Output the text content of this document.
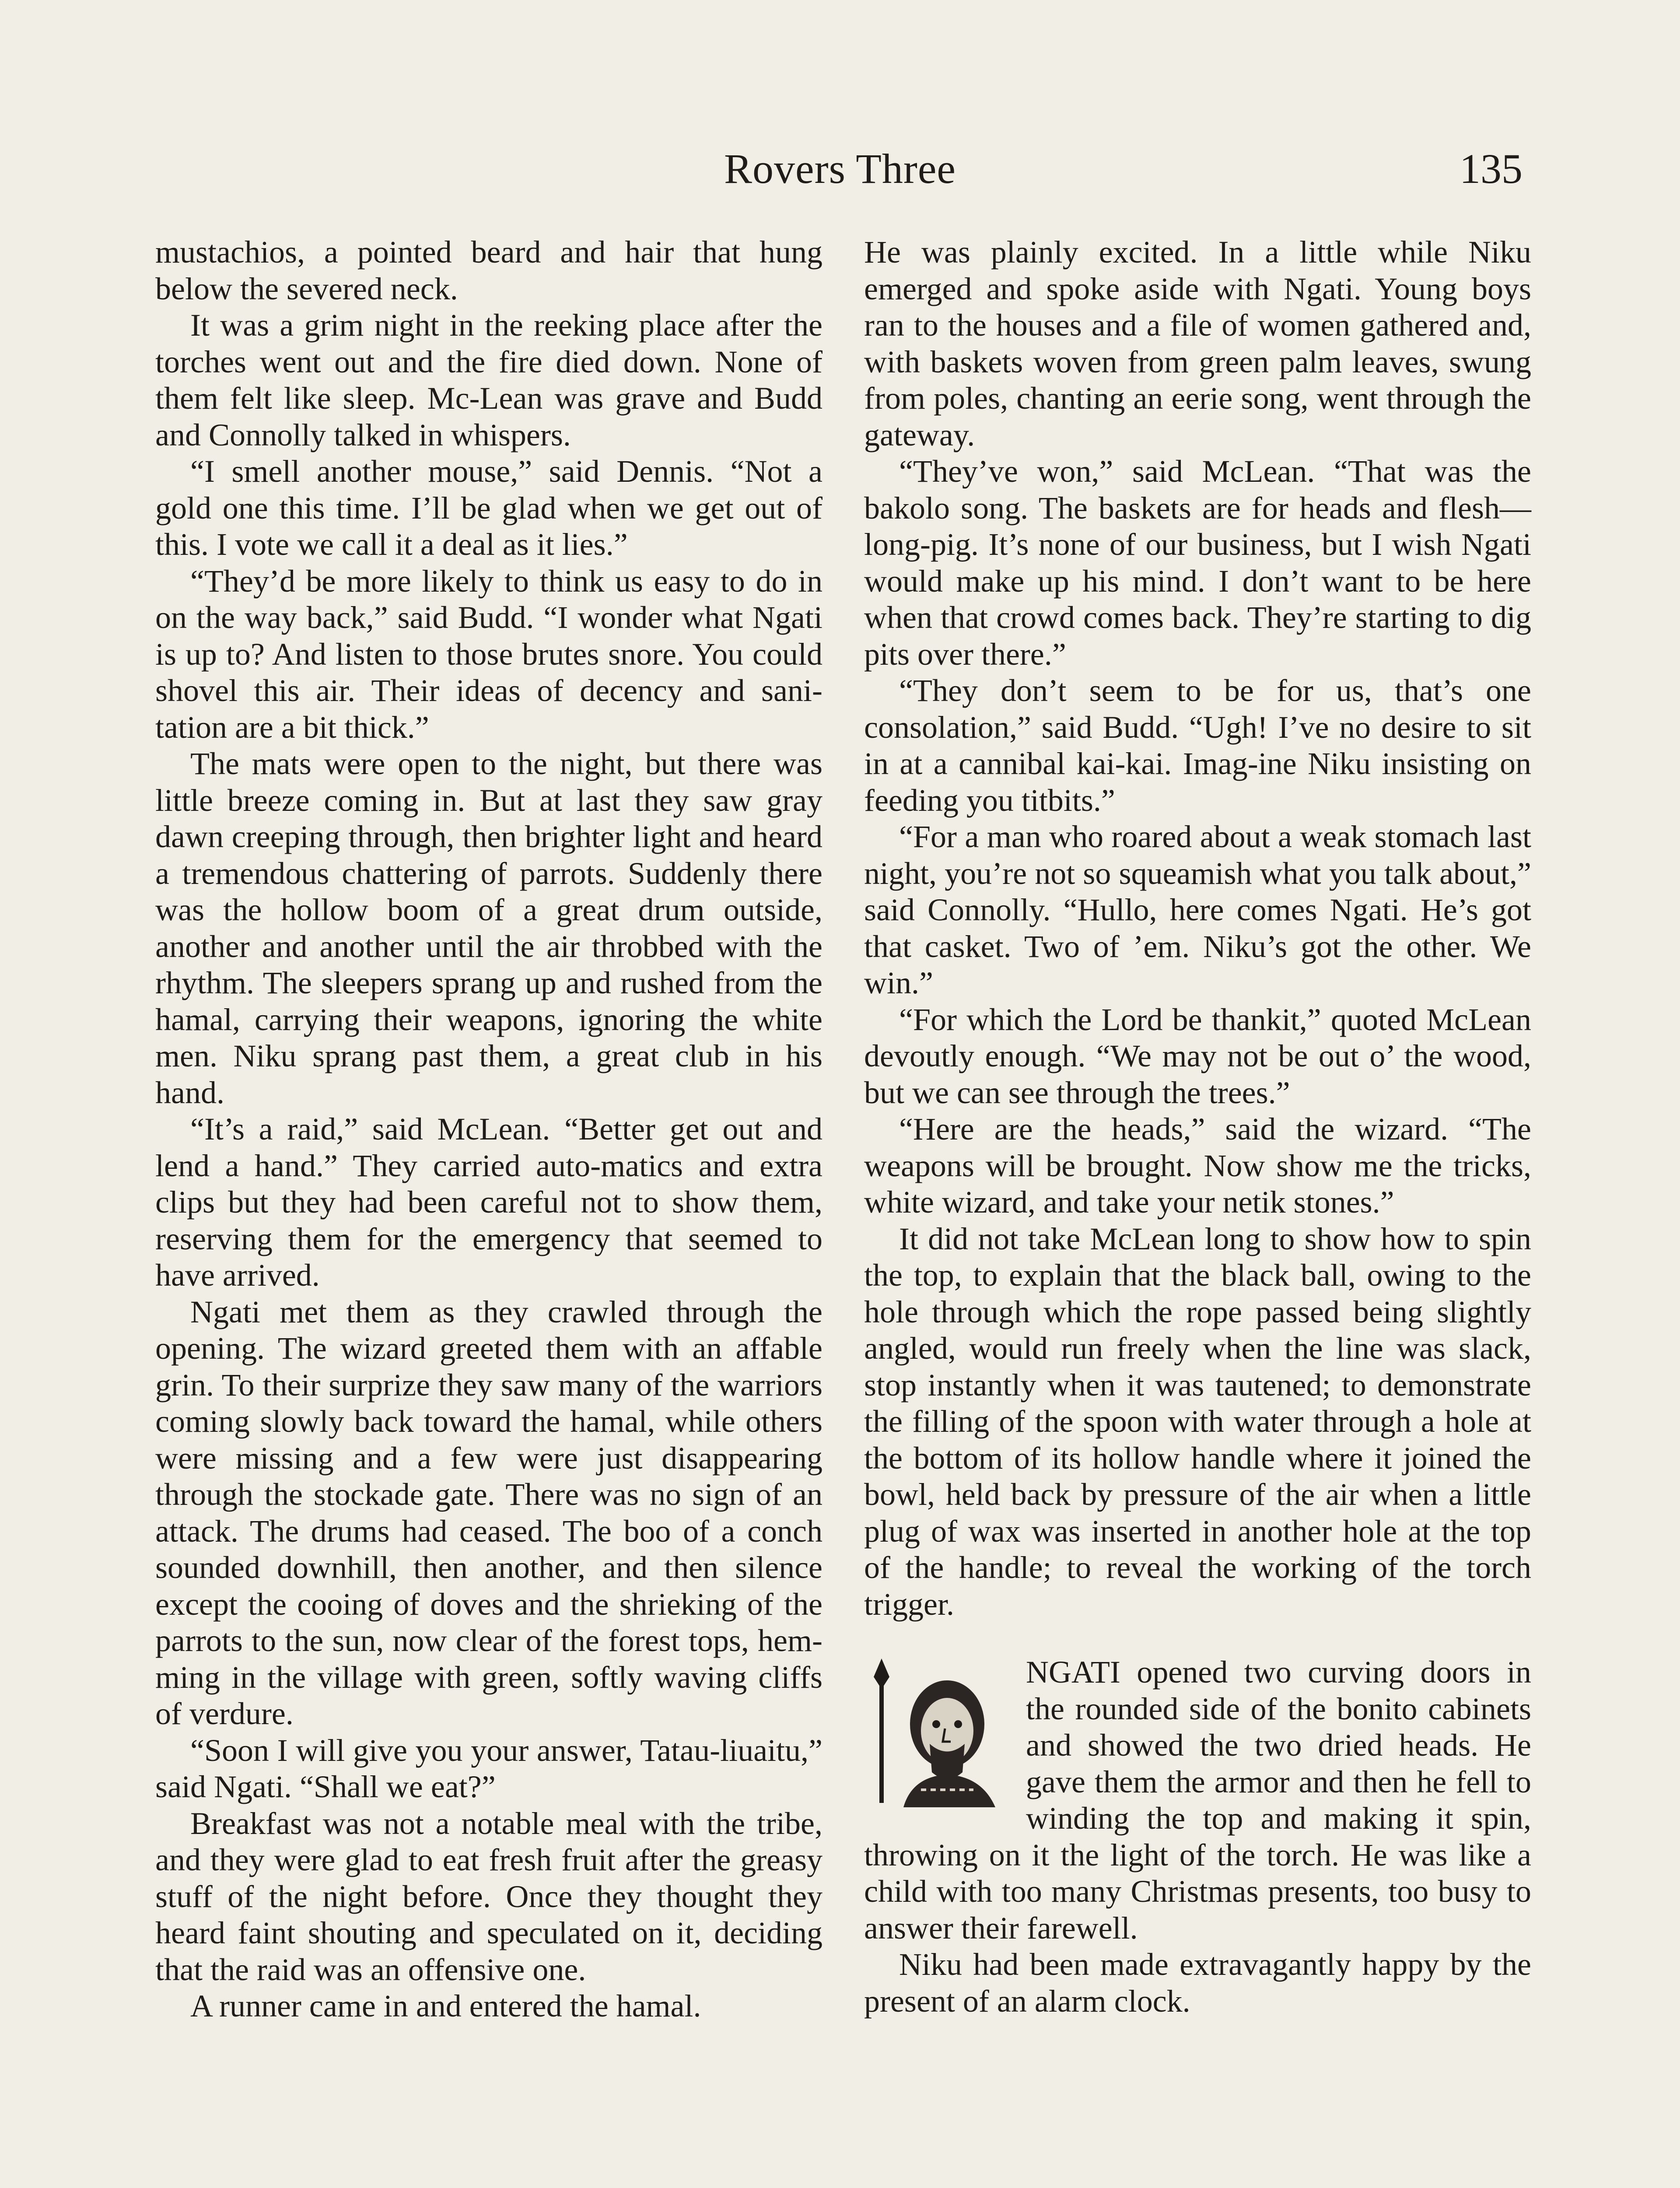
Rovers Three	135

mustachios, a pointed beard and hair that hung below the severed neck.

It was a grim night in the reeking place after the torches went out and the fire died down. None of them felt like sleep. Mc-Lean was grave and Budd and Connolly talked in whispers.

“I smell another mouse,” said Dennis. “Not a gold one this time. I’ll be glad when we get out of this. I vote we call it a deal as it lies.”

“They’d be more likely to think us easy to do in on the way back,” said Budd. “I wonder what Ngati is up to? And listen to those brutes snore. You could shovel this air. Their ideas of decency and sani-tation are a bit thick.”

The mats were open to the night, but there was little breeze coming in. But at last they saw gray dawn creeping through, then brighter light and heard a tremendous chattering of parrots. Suddenly there was the hollow boom of a great drum outside, another and another until the air throbbed with the rhythm. The sleepers sprang up and rushed from the hamal, carrying their weapons, ignoring the white men. Niku sprang past them, a great club in his hand.

“It’s a raid,” said McLean. “Better get out and lend a hand.” They carried auto-matics and extra clips but they had been careful not to show them, reserving them for the emergency that seemed to have arrived.

Ngati met them as they crawled through the opening. The wizard greeted them with an affable grin. To their surprize they saw many of the warriors coming slowly back toward the hamal, while others were missing and a few were just disappearing through the stockade gate. There was no sign of an attack. The drums had ceased. The boo of a conch sounded downhill, then another, and then silence except the cooing of doves and the shrieking of the parrots to the sun, now clear of the forest tops, hem-ming in the village with green, softly waving cliffs of verdure.

“Soon I will give you your answer, Tatau-liuaitu,” said Ngati. “Shall we eat?”

Breakfast was not a notable meal with the tribe, and they were glad to eat fresh fruit after the greasy stuff of the night before. Once they thought they heard faint shouting and speculated on it, deciding that the raid was an offensive one.

A runner came in and entered the hamal.

He was plainly excited. In a little while Niku emerged and spoke aside with Ngati. Young boys ran to the houses and a file of women gathered and, with baskets woven from green palm leaves, swung from poles, chanting an eerie song, went through the gateway.

“They’ve won,” said McLean. “That was the bakolo song. The baskets are for heads and flesh—long-pig. It’s none of our business, but I wish Ngati would make up his mind. I don’t want to be here when that crowd comes back. They’re starting to dig pits over there.”

“They don’t seem to be for us, that’s one consolation,” said Budd. “Ugh! I’ve no desire to sit in at a cannibal kai-kai. Imag-ine Niku insisting on feeding you titbits.”

“For a man who roared about a weak stomach last night, you’re not so squeamish what you talk about,” said Connolly. “Hullo, here comes Ngati. He’s got that casket. Two of ’em. Niku’s got the other. We win.”

“For which the Lord be thankit,” quoted McLean devoutly enough. “We may not be out o’ the wood, but we can see through the trees.”

“Here are the heads,” said the wizard. “The weapons will be brought. Now show me the tricks, white wizard, and take your netik stones.”

It did not take McLean long to show how to spin the top, to explain that the black ball, owing to the hole through which the rope passed being slightly angled, would run freely when the line was slack, stop instantly when it was tautened; to demonstrate the filling of the spoon with water through a hole at the bottom of its hollow handle where it joined the bowl, held back by pressure of the air when a little plug of wax was inserted in another hole at the top of the handle; to reveal the working of the torch trigger.

NGATI opened two curving doors in the rounded side of the bonito cabinets and showed the two dried heads. He gave them the armor and then he fell to winding the top and making it spin, throwing on it the light of the torch. He was like a child with too many Christmas presents, too busy to answer their farewell.

Niku had been made extravagantly happy by the present of an alarm clock.
